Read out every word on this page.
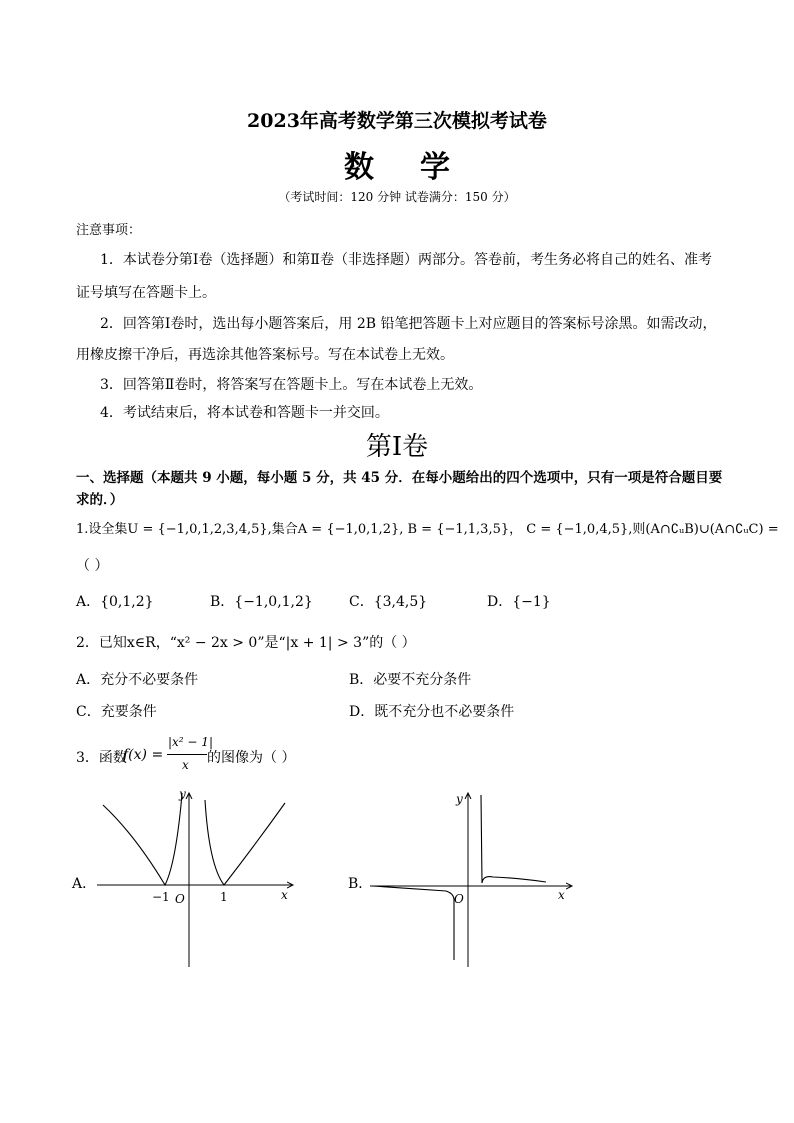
2023年高考数学第三次模拟考试卷
数学
（考试时间：120 分钟 试卷满分：150 分）
注意事项：
1．本试卷分第Ⅰ卷（选择题）和第Ⅱ卷（非选择题）两部分。答卷前，考生务必将自己的姓名、准考
证号填写在答题卡上。
2．回答第Ⅰ卷时，选出每小题答案后，用 2B 铅笔把答题卡上对应题目的答案标号涂黑。如需改动，
用橡皮擦干净后，再选涂其他答案标号。写在本试卷上无效。
3．回答第Ⅱ卷时，将答案写在答题卡上。写在本试卷上无效。
4．考试结束后，将本试卷和答题卡一并交回。
第Ⅰ卷
一、选择题（本题共 9 小题，每小题 5 分，共 45 分．在每小题给出的四个选项中，只有一项是符合题目要
求的．）
1.设全集U = {−1,0,1,2,3,4,5},集合A = {−1,0,1,2}, B = {−1,1,3,5}， C = {−1,0,4,5},则(A∩∁ᵤB)∪(A∩∁ᵤC) =
（ ）
A．{0,1,2}	B．{−1,0,1,2}	C．{3,4,5}	D．{−1}
2．已知x∈R，“x² − 2x > 0”是“|x + 1| > 3”的（ ）
A．充分不必要条件	B．必要不充分条件
C．充要条件	D．既不充分也不必要条件
3．函数
f(x) =
|x² − 1|
x 的图像为（ ）
A．	B．
y
x
O
−1	1
y
x
O
